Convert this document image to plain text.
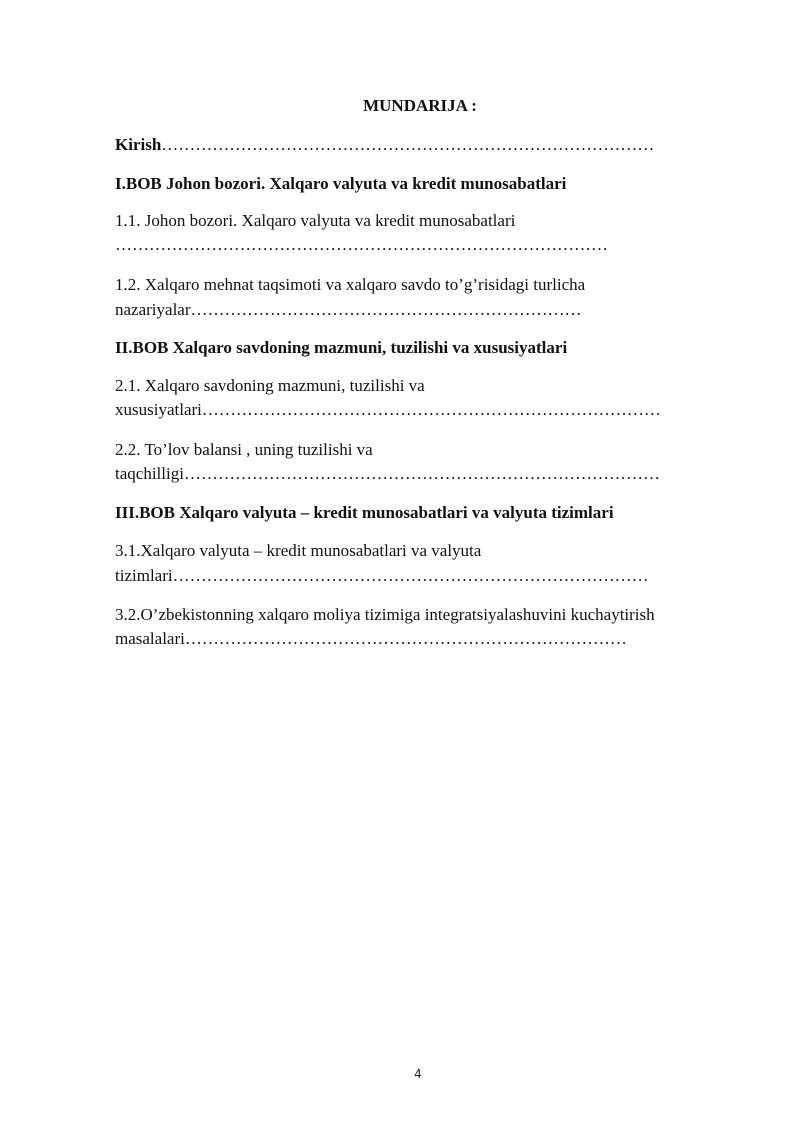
MUNDARIJA :
Kirish……………………………………………………………………………
I.BOB Johon bozori. Xalqaro valyuta va kredit munosabatlari
1.1. Johon bozori. Xalqaro valyuta va kredit munosabatlari
……………………………………………………………………………
1.2. Xalqaro mehnat taqsimoti va xalqaro savdo to’g’risidagi turlicha
nazariyalar……………………………………………………………
II.BOB Xalqaro savdoning mazmuni, tuzilishi va xususiyatlari
2.1. Xalqaro savdoning mazmuni, tuzilishi va
xususiyatlari………………………………………………………………………
2.2. To’lov balansi , uning tuzilishi va
taqchilligi…………………………………………………………………………
III.BOB Xalqaro valyuta – kredit munosabatlari va valyuta tizimlari
3.1.Xalqaro valyuta – kredit munosabatlari va valyuta
tizimlari…………………………………………………………………………
3.2.O’zbekistonning xalqaro moliya tizimiga integratsiyalashuvini kuchaytirish
masalalari……………………………………………………………………
4
